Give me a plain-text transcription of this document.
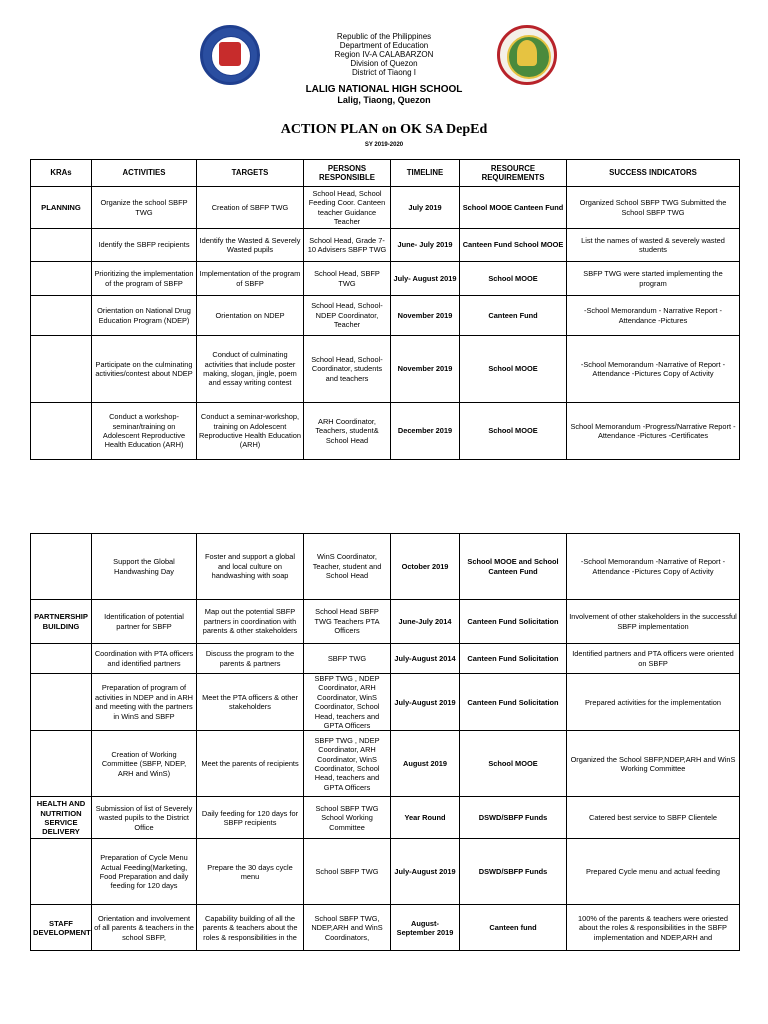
Republic of the Philippines
Department of Education
Region IV-A CALABARZON
Division of Quezon
District of Tiaong I
LALIG NATIONAL HIGH SCHOOL
Lalig, Tiaong, Quezon
ACTION PLAN on OK SA DepEd
SY 2019-2020
KRAs	ACTIVITIES	TARGETS	PERSONS RESPONSIBLE	TIMELINE	RESOURCE REQUIREMENTS	SUCCESS INDICATORS
PLANNING	Organize the school SBFP TWG	Creation of SBFP TWG	School Head, School Feeding Coor. Canteen teacher Guidance Teacher	July 2019	School MOOE Canteen Fund	Organized School SBFP TWG Submitted the School SBFP TWG
	Identify the SBFP recipients	Identify the Wasted & Severely Wasted pupils	School Head, Grade 7- 10 Advisers SBFP TWG	June- July 2019	Canteen Fund School MOOE	List the names of wasted & severely wasted students
	Prioritizing the implementation of the program of SBFP	Implementation of the program of SBFP	School Head, SBFP TWG	July- August 2019	School MOOE	SBFP TWG were started implementing the program
	Orientation on National Drug Education Program (NDEP)	Orientation on NDEP	School Head, School-NDEP Coordinator, Teacher	November 2019	Canteen Fund	-School Memorandum - Narrative Report -Attendance -Pictures
	Participate on the culminating activities/contest about NDEP	Conduct of culminating activities that include poster making, slogan, jingle, poem and essay writing contest	School Head, School-Coordinator, students and teachers	November 2019	School MOOE	-School Memorandum -Narrative of Report -Attendance -Pictures Copy of Activity
	Conduct a workshop-seminar/training on Adolescent Reproductive Health Education (ARH)	Conduct a seminar-workshop, training on Adolescent Reproductive Health Education (ARH)	ARH Coordinator, Teachers, student& School Head	December 2019	School MOOE	School Memorandum -Progress/Narrative Report -Attendance -Pictures -Certificates
	Support the Global Handwashing Day	Foster and support a global and local culture on handwashing with soap	WinS Coordinator, Teacher, student and School Head	October 2019	School MOOE and School Canteen Fund	-School Memorandum -Narrative of Report -Attendance -Pictures Copy of Activity
PARTNERSHIP BUILDING	Identification of potential partner for SBFP	Map out the potential SBFP partners in coordination with parents & other stakeholders	School Head SBFP TWG Teachers PTA Officers	June-July 2014	Canteen Fund Solicitation	Involvement of other stakeholders in the successful SBFP implementation
	Coordination with PTA officers and identified partners	Discuss the program to the parents & partners	SBFP TWG	July-August 2014	Canteen Fund Solicitation	Identified partners and PTA officers were oriented on SBFP
	Preparation of program of activities in NDEP and in ARH and meeting with the partners in WinS and SBFP	Meet the PTA officers & other stakeholders	SBFP TWG , NDEP Coordinator, ARH Coordinator, WinS Coordinator, School Head, teachers and GPTA Officers	July-August 2019	Canteen Fund Solicitation	Prepared activities for the implementation
	Creation of Working Committee (SBFP, NDEP, ARH and WinS)	Meet the parents of recipients	SBFP TWG , NDEP Coordinator, ARH Coordinator, WinS Coordinator, School Head, teachers and GPTA Officers	August 2019	School MOOE	Organized the School SBFP,NDEP,ARH and WinS Working Committee
HEALTH AND NUTRITION SERVICE DELIVERY	Submission of list of Severely wasted pupils to the District Office	Daily feeding for 120 days for SBFP recipients	School SBFP TWG School Working Committee	Year Round	DSWD/SBFP Funds	Catered best service to SBFP Clientele
	Preparation of Cycle Menu Actual Feeding(Marketing, Food Preparation and daily feeding for 120 days	Prepare the 30 days cycle menu	School SBFP TWG	July-August 2019	DSWD/SBFP Funds	Prepared Cycle menu and actual feeding
STAFF DEVELOPMENT	Orientation and involvement of all parents & teachers in the school SBFP,	Capability building of all the parents & teachers about the roles & responsibilities in the	School SBFP TWG, NDEP,ARH and WinS Coordinators,	August-September 2019	Canteen fund	100% of the parents & teachers were oriested about the roles & responsibilities in the SBFP implementation and NDEP,ARH and
